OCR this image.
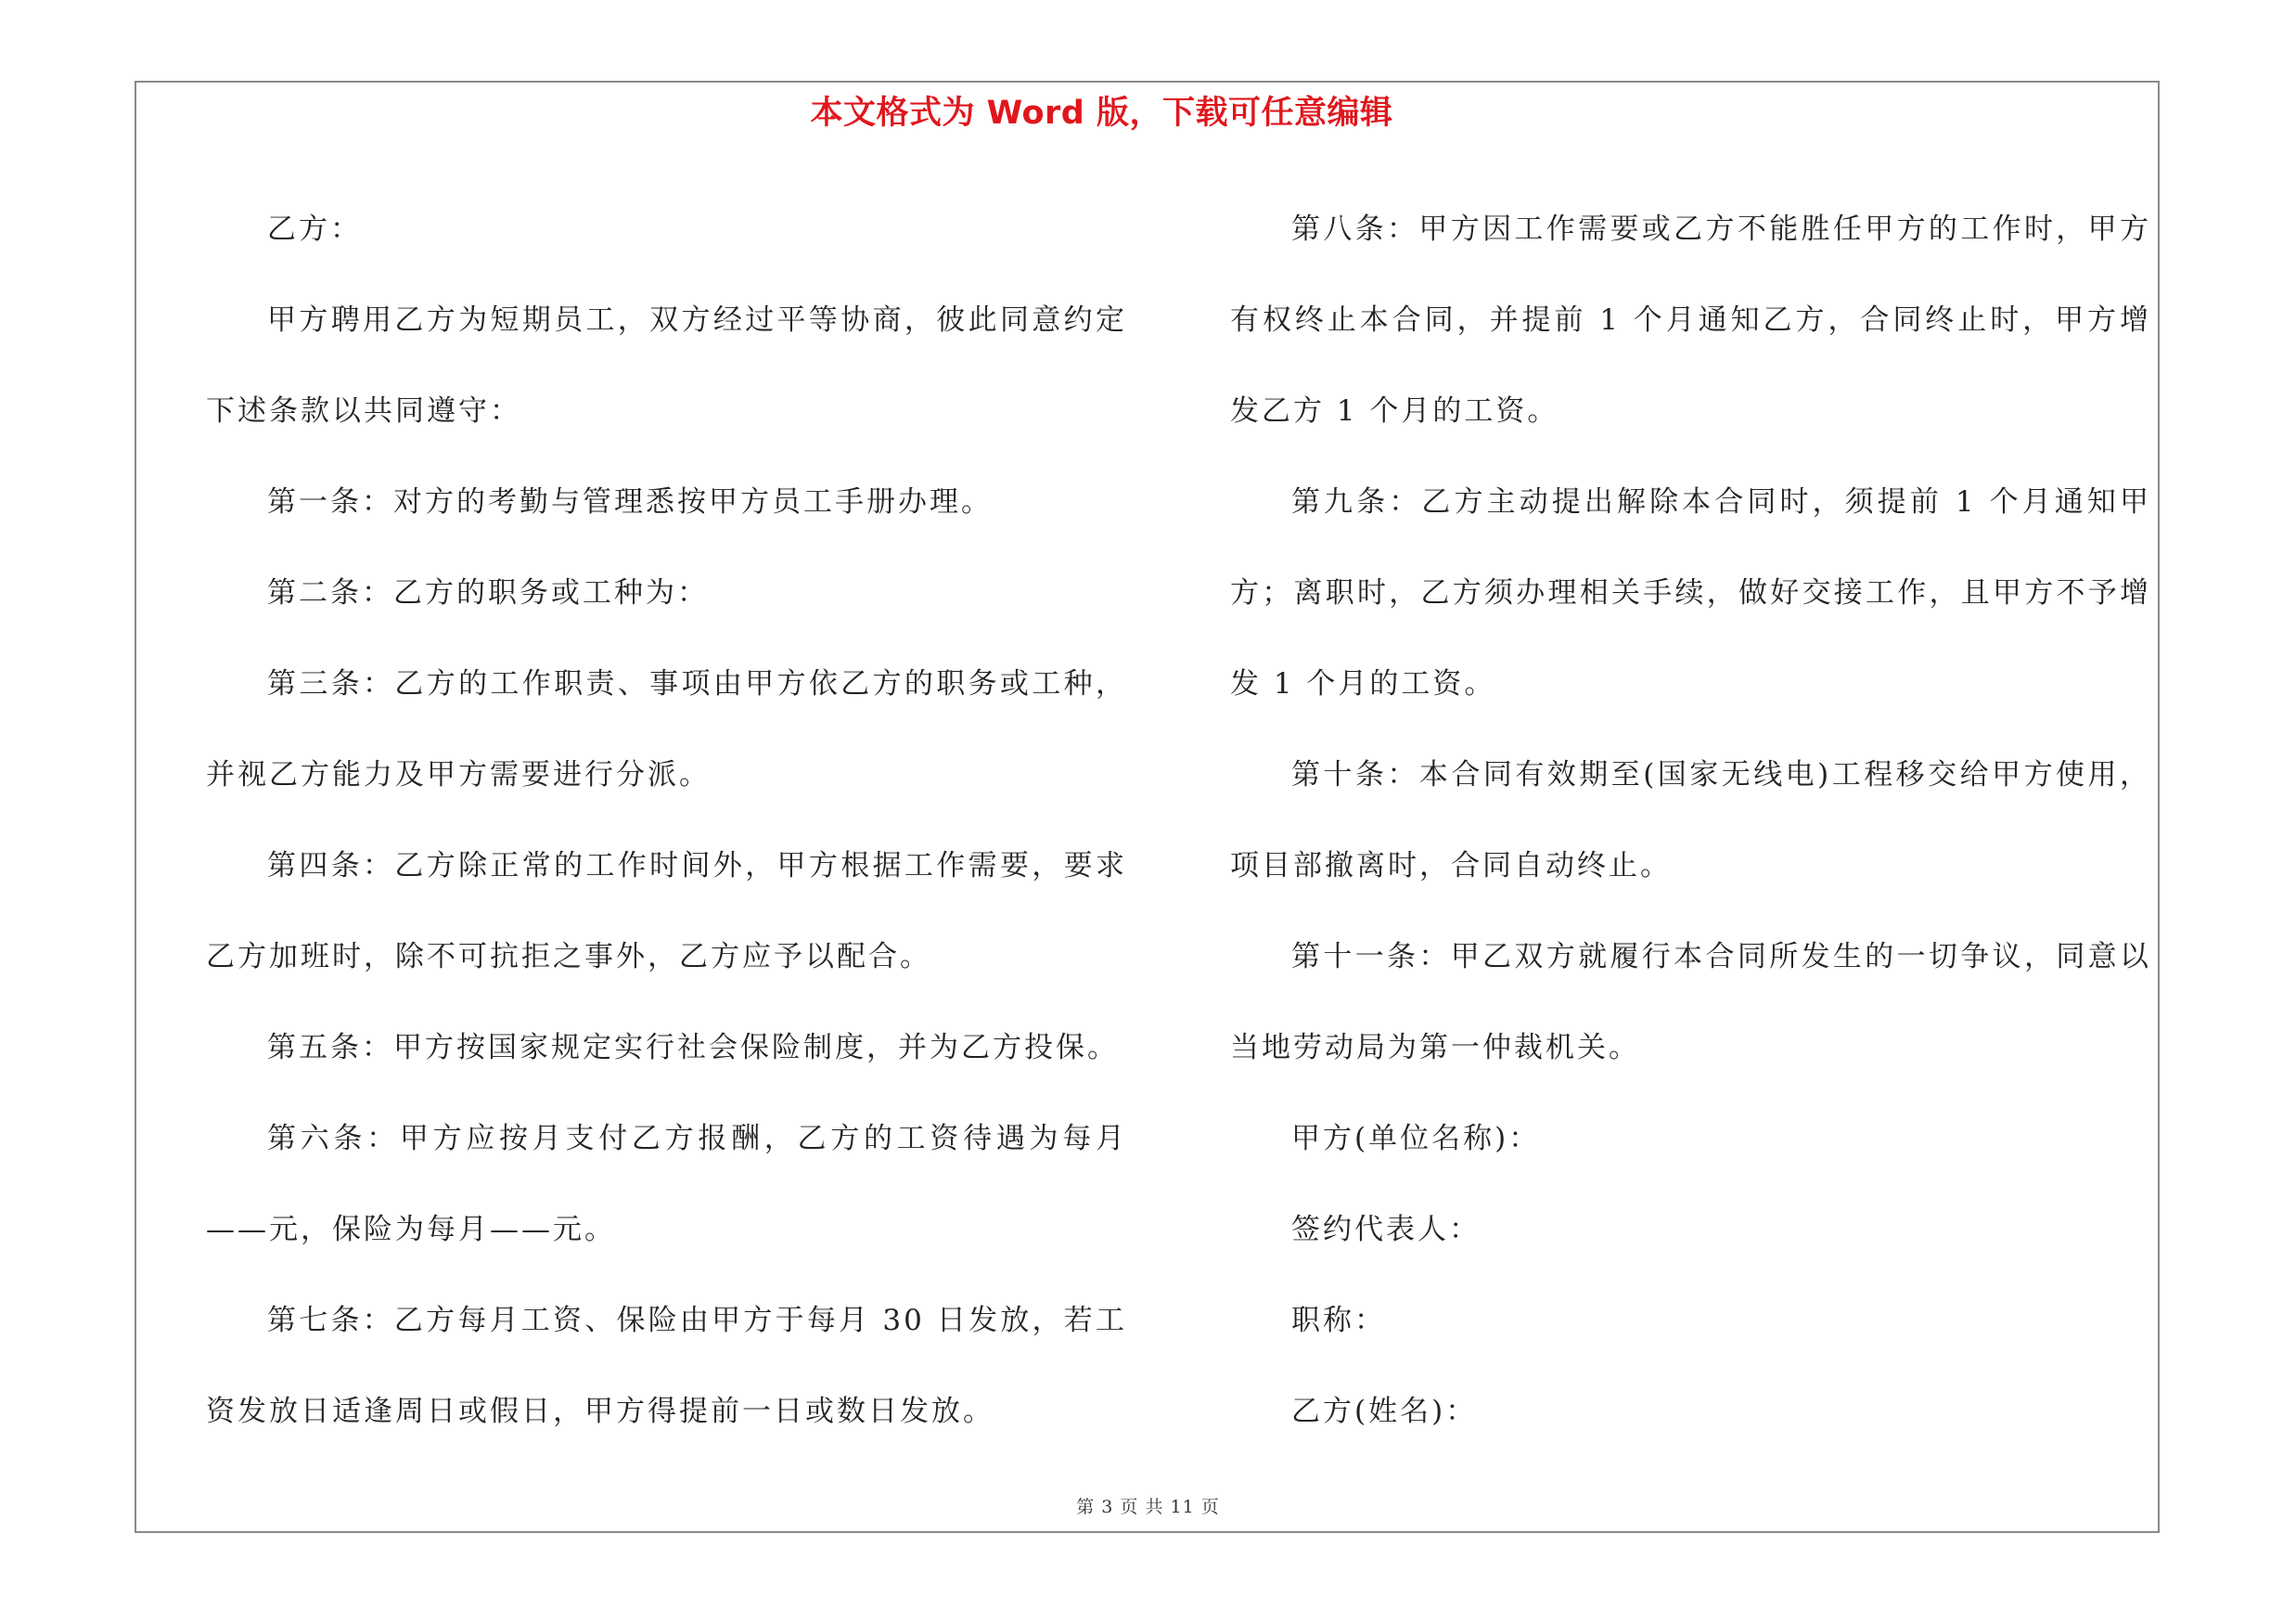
本文格式为 Word 版，下载可任意编辑

乙方：

甲方聘用乙方为短期员工，双方经过平等协商，彼此同意约定下述条款以共同遵守：

第一条：对方的考勤与管理悉按甲方员工手册办理。

第二条：乙方的职务或工种为：

第三条：乙方的工作职责、事项由甲方依乙方的职务或工种，并视乙方能力及甲方需要进行分派。

第四条：乙方除正常的工作时间外，甲方根据工作需要，要求乙方加班时，除不可抗拒之事外，乙方应予以配合。

第五条：甲方按国家规定实行社会保险制度，并为乙方投保。

第六条：甲方应按月支付乙方报酬，乙方的工资待遇为每月——元，保险为每月——元。

第七条：乙方每月工资、保险由甲方于每月 30 日发放，若工资发放日适逢周日或假日，甲方得提前一日或数日发放。

第八条：甲方因工作需要或乙方不能胜任甲方的工作时，甲方有权终止本合同，并提前 1 个月通知乙方，合同终止时，甲方增发乙方 1 个月的工资。

第九条：乙方主动提出解除本合同时，须提前 1 个月通知甲方；离职时，乙方须办理相关手续，做好交接工作，且甲方不予增发 1 个月的工资。

第十条：本合同有效期至(国家无线电)工程移交给甲方使用，项目部撤离时，合同自动终止。

第十一条：甲乙双方就履行本合同所发生的一切争议，同意以当地劳动局为第一仲裁机关。

甲方(单位名称)：

签约代表人：

职称：

乙方(姓名)：

第 3 页 共 11 页
